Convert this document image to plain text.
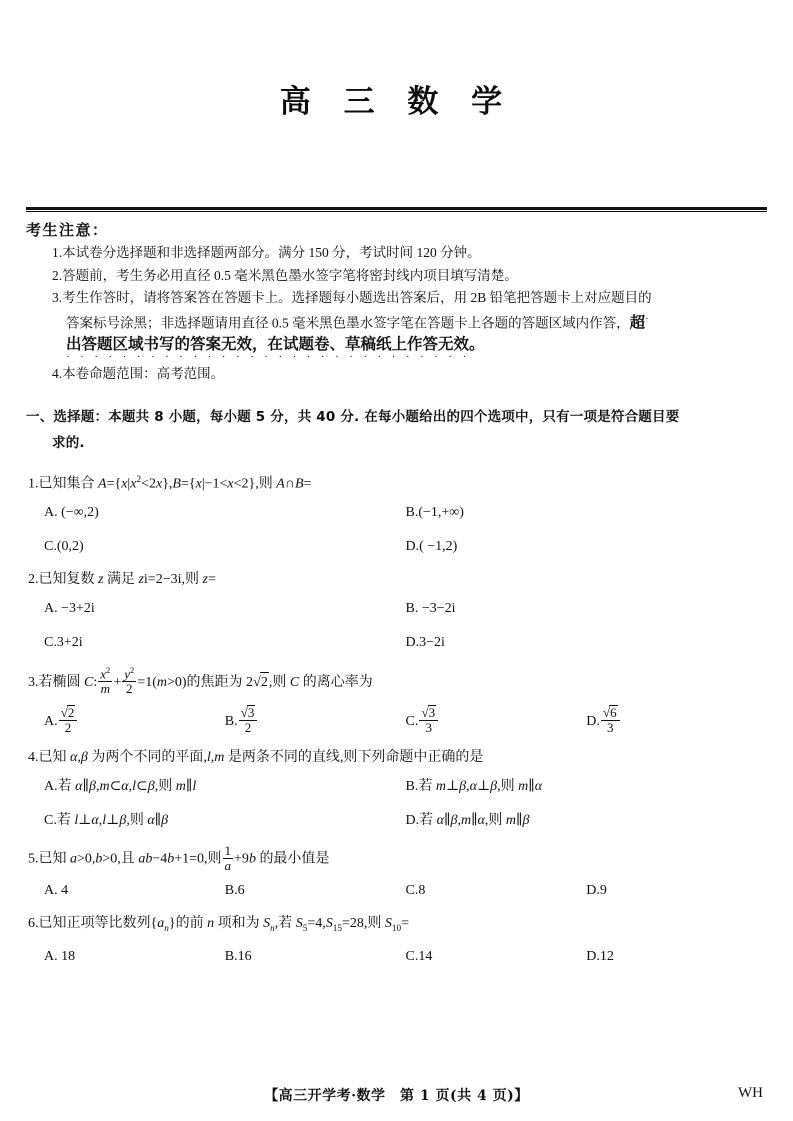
高 三 数 学
考生注意：
1.本试卷分选择题和非选择题两部分。满分 150 分，考试时间 120 分钟。
2.答题前，考生务必用直径 0.5 毫米黑色墨水签字笔将密封线内项目填写清楚。
3.考生作答时，请将答案答在答题卡上。选择题每小题选出答案后，用 2B 铅笔把答题卡上对应题目的
答案标号涂黑；非选择题请用直径 0.5 毫米黑色墨水签字笔在答题卡上各题的答题区域内作答，超·
出答题区域书写的答案无效，在试题卷、草稿纸上作答无效。
·····························
4.本卷命题范围：高考范围。
一、选择题：本题共 8 小题，每小题 5 分，共 40 分. 在每小题给出的四个选项中，只有一项是符合题目要
求的.
1.已知集合 $A=\{x|x^2<2x\},B=\{x|-1<x<2\}$,则 A∩B=
A. (−∞,2)	B.(−1,+∞)
C.(0,2)	D.( −1,2)
2.已知复数 z 满足 zi=2−3i,则 z=
A. −3+2i	B. −3−2i
C.3+2i	D.3−2i
3.若椭圆 C: $\frac{x^2}{m} + \frac{y^2}{2} =1(m>0)$的焦距为 2√2,则 C 的离心率为
A. $\frac{√2}{2}$	B. $\frac{√3}{2}$	C. $\frac{√3}{3}$	D. $\frac{√6}{3}$
4.已知 α,β 为两个不同的平面,l,m 是两条不同的直线,则下列命题中正确的是
A.若 α∥β,m⊂α,l⊂β,则 m∥l	B.若 m⊥β,α⊥β,则 m∥α
C.若 l⊥α,l⊥β,则 α∥β	D.若 α∥β,m∥α,则 m∥β
5.已知 a>0,b>0,且 ab−4b+1=0,则 $\frac{1}{a} +9b$ 的最小值是
A. 4	B.6	C.8	D.9
6.已知正项等比数列$\{a_n\}$的前 n 项和为 $S_n$,若 $S_5=4,S_{15}=28$,则 $S_{10}=$
A. 18	B.16	C.14	D.12
【高三开学考·数学　第 1 页(共 4 页)】	WH
